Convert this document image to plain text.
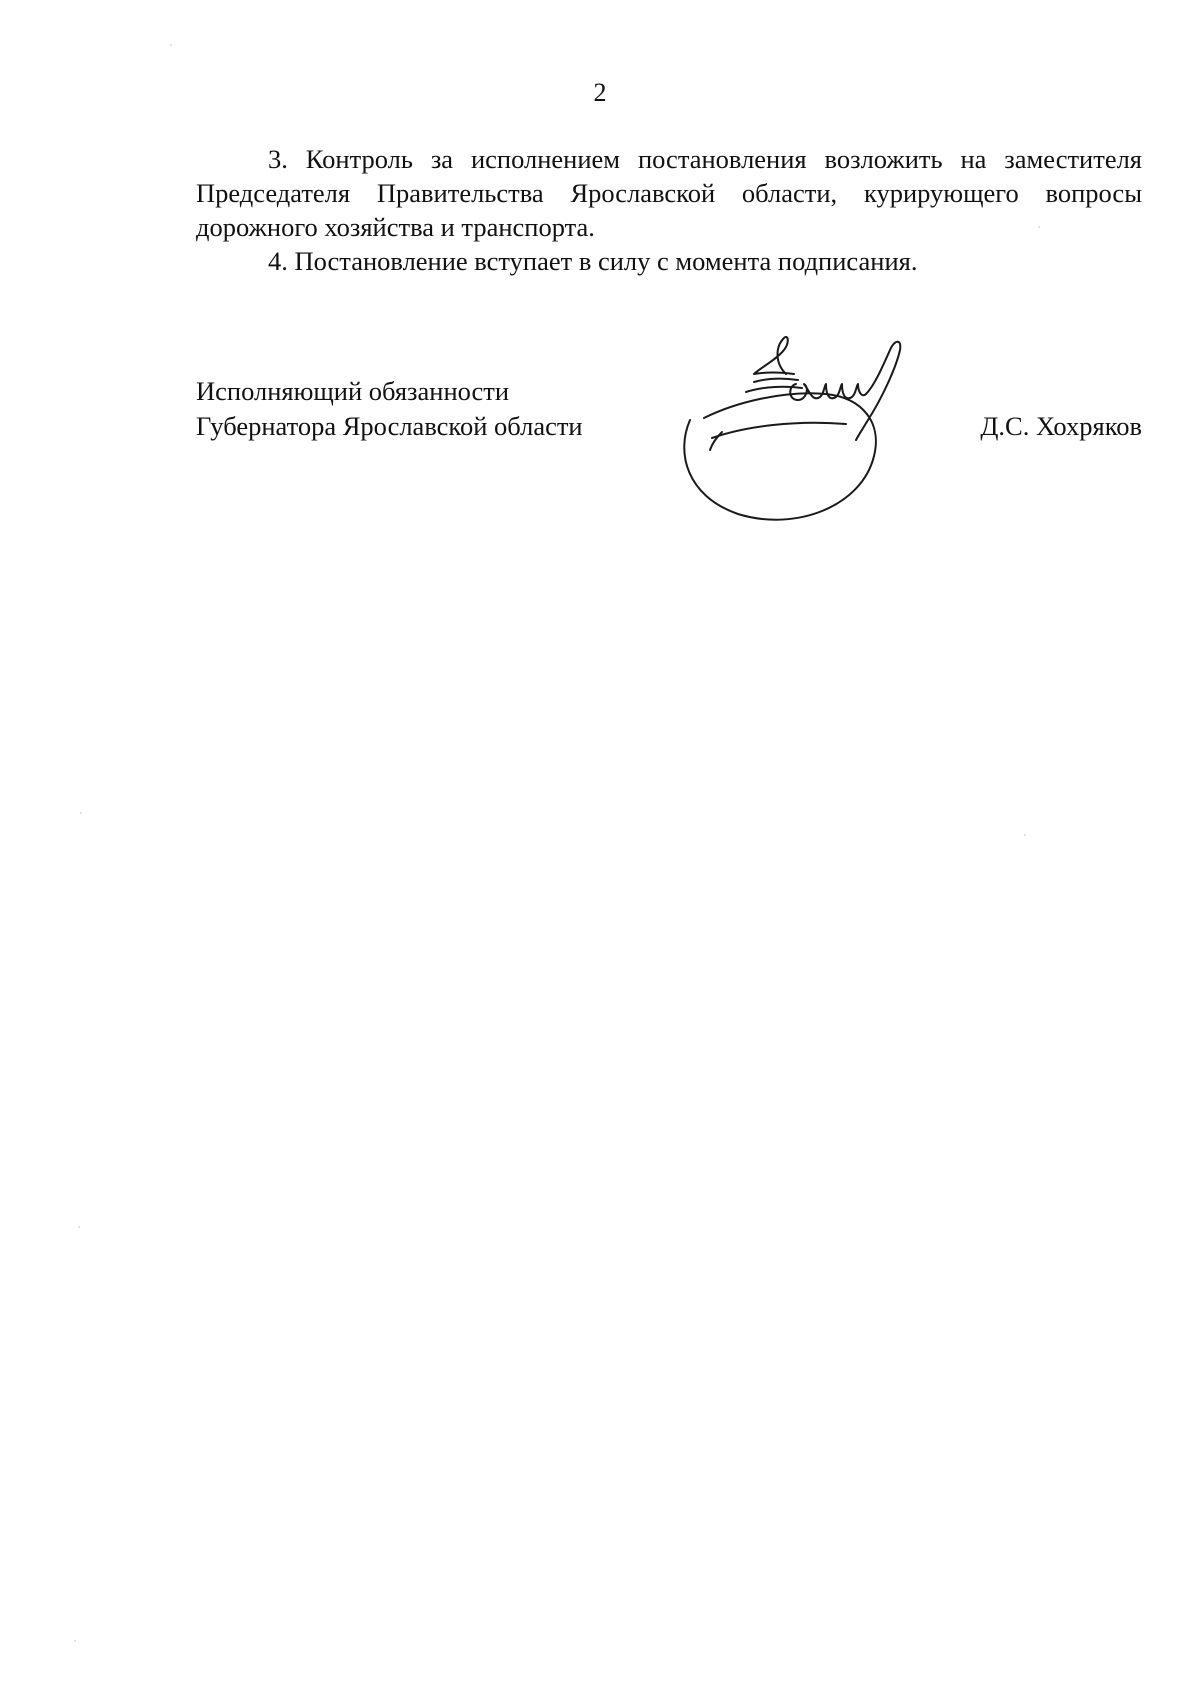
2

3. Контроль за исполнением постановления возложить на заместителя Председателя Правительства Ярославской области, курирующего вопросы дорожного хозяйства и транспорта.

4. Постановление вступает в силу с момента подписания.

Исполняющий обязанности
Губернатора Ярославской области	Д.С. Хохряков
